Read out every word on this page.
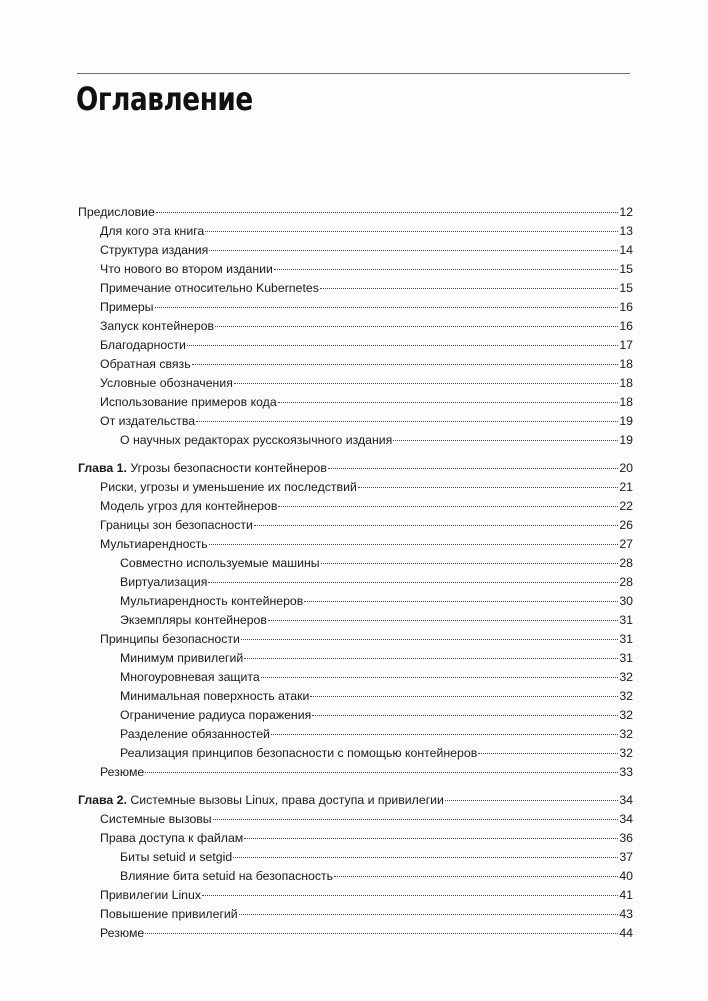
Оглавление
Предисловие	12
Для кого эта книга	13
Структура издания	14
Что нового во втором издании	15
Примечание относительно Kubernetes	15
Примеры	16
Запуск контейнеров	16
Благодарности	17
Обратная связь	18
Условные обозначения	18
Использование примеров кода	18
От издательства	19
О научных редакторах русскоязычного издания	19
Глава 1. Угрозы безопасности контейнеров	20
Риски, угрозы и уменьшение их последствий	21
Модель угроз для контейнеров	22
Границы зон безопасности	26
Мультиарендность	27
Совместно используемые машины	28
Виртуализация	28
Мультиарендность контейнеров	30
Экземпляры контейнеров	31
Принципы безопасности	31
Минимум привилегий	31
Многоуровневая защита	32
Минимальная поверхность атаки	32
Ограничение радиуса поражения	32
Разделение обязанностей	32
Реализация принципов безопасности с помощью контейнеров	32
Резюме	33
Глава 2. Системные вызовы Linux, права доступа и привилегии	34
Системные вызовы	34
Права доступа к файлам	36
Биты setuid и setgid	37
Влияние бита setuid на безопасность	40
Привилегии Linux	41
Повышение привилегий	43
Резюме	44
